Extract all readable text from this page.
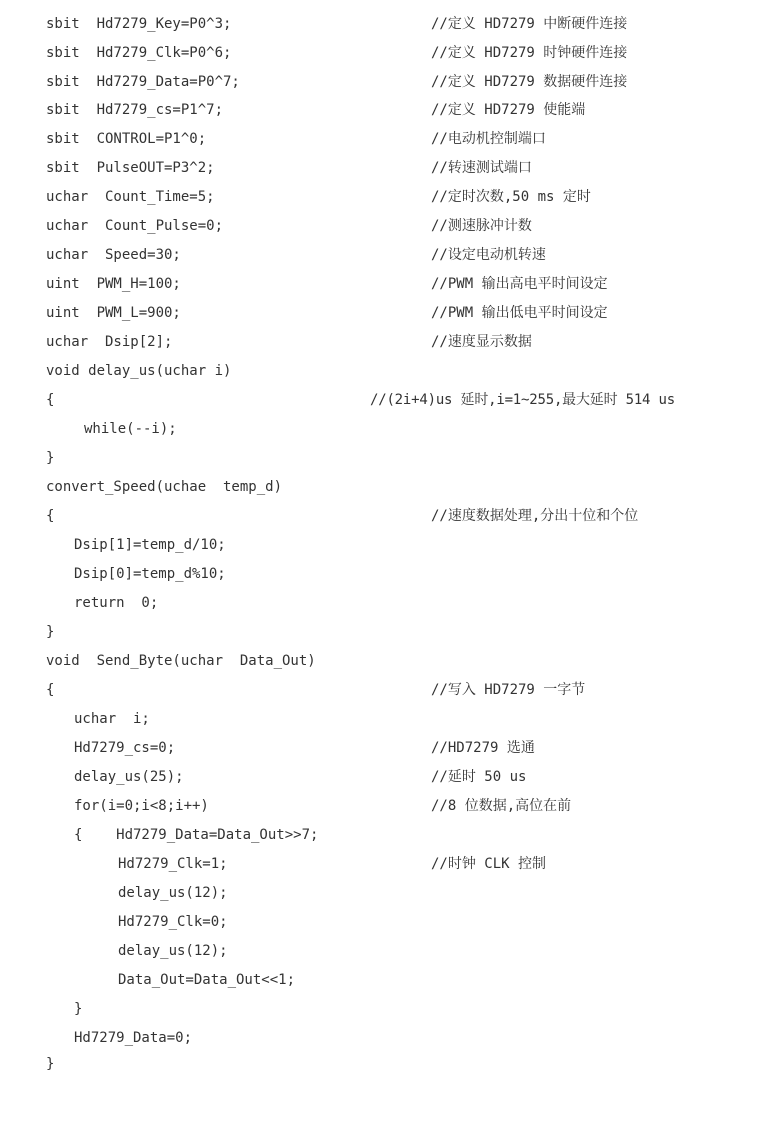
sbit  Hd7279_Key=P0^3;

	//定义 HD7279 中断硬件连接

sbit  Hd7279_Clk=P0^6;

	//定义 HD7279 时钟硬件连接

sbit  Hd7279_Data=P0^7;

	//定义 HD7279 数据硬件连接

sbit  Hd7279_cs=P1^7;

	//定义 HD7279 使能端

sbit  CONTROL=P1^0;

	//电动机控制端口

sbit  PulseOUT=P3^2;

	//转速测试端口

uchar  Count_Time=5;

	//定时次数,50 ms 定时

uchar  Count_Pulse=0;

	//测速脉冲计数

uchar  Speed=30;

	//设定电动机转速

uint  PWM_H=100;

	//PWM 输出高电平时间设定

uint  PWM_L=900;

	//PWM 输出低电平时间设定

uchar  Dsip[2];

	//速度显示数据

void delay_us(uchar i)

{

	//(2i+4)us 延时,i=1~255,最大延时 514 us

while(--i);

}

convert_Speed(uchae  temp_d)

{

	//速度数据处理,分出十位和个位

Dsip[1]=temp_d/10;

Dsip[0]=temp_d%10;

return  0;

}

void  Send_Byte(uchar  Data_Out)

{

	//写入 HD7279 一字节

uchar  i;

Hd7279_cs=0;

	//HD7279 选通

delay_us(25);

	//延时 50 us

for(i=0;i<8;i++)

	//8 位数据,高位在前

{    Hd7279_Data=Data_Out>>7;

Hd7279_Clk=1;

	//时钟 CLK 控制

delay_us(12);

Hd7279_Clk=0;

delay_us(12);

Data_Out=Data_Out<<1;

}

Hd7279_Data=0;

}
